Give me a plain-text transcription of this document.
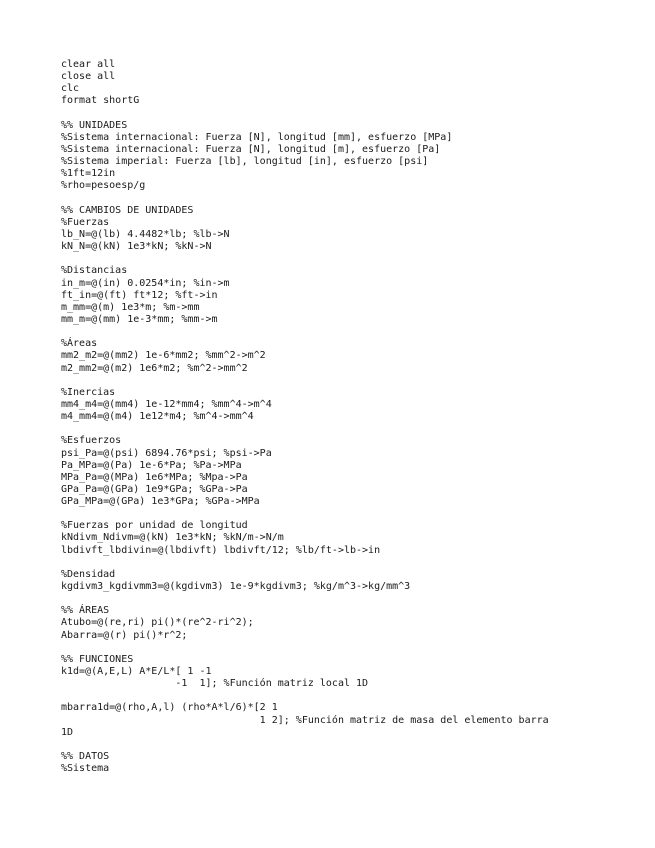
clear all
close all
clc
format shortG
%% UNIDADES
%Sistema internacional: Fuerza [N], longitud [mm], esfuerzo [MPa]
%Sistema internacional: Fuerza [N], longitud [m], esfuerzo [Pa]
%Sistema imperial: Fuerza [lb], longitud [in], esfuerzo [psi]
%1ft=12in
%rho=pesoesp/g
%% CAMBIOS DE UNIDADES
%Fuerzas
lb_N=@(lb) 4.4482*lb; %lb->N
kN_N=@(kN) 1e3*kN; %kN->N
%Distancias
in_m=@(in) 0.0254*in; %in->m
ft_in=@(ft) ft*12; %ft->in
m_mm=@(m) 1e3*m; %m->mm
mm_m=@(mm) 1e-3*mm; %mm->m
%Áreas
mm2_m2=@(mm2) 1e-6*mm2; %mm^2->m^2
m2_mm2=@(m2) 1e6*m2; %m^2->mm^2
%Inercias
mm4_m4=@(mm4) 1e-12*mm4; %mm^4->m^4
m4_mm4=@(m4) 1e12*m4; %m^4->mm^4
%Esfuerzos
psi_Pa=@(psi) 6894.76*psi; %psi->Pa
Pa_MPa=@(Pa) 1e-6*Pa; %Pa->MPa
MPa_Pa=@(MPa) 1e6*MPa; %Mpa->Pa
GPa_Pa=@(GPa) 1e9*GPa; %GPa->Pa
GPa_MPa=@(GPa) 1e3*GPa; %GPa->MPa
%Fuerzas por unidad de longitud
kNdivm_Ndivm=@(kN) 1e3*kN; %kN/m->N/m
lbdivft_lbdivin=@(lbdivft) lbdivft/12; %lb/ft->lb->in
%Densidad
kgdivm3_kgdivmm3=@(kgdivm3) 1e-9*kgdivm3; %kg/m^3->kg/mm^3
%% ÁREAS
Atubo=@(re,ri) pi()*(re^2-ri^2);
Abarra=@(r) pi()*r^2;
%% FUNCIONES
k1d=@(A,E,L) A*E/L*[ 1 -1
-1  1]; %Función matriz local 1D
mbarra1d=@(rho,A,l) (rho*A*l/6)*[2 1
1 2]; %Función matriz de masa del elemento barra
1D
%% DATOS
%Sistema
